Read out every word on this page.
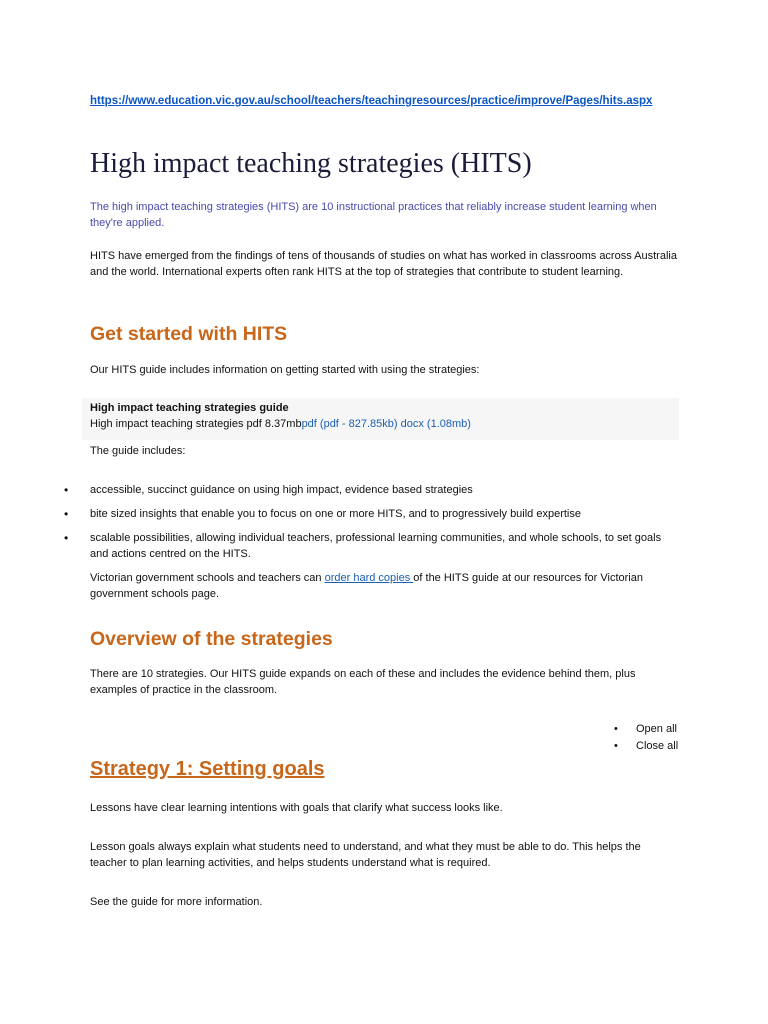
https://www.education.vic.gov.au/school/teachers/teachingresources/practice/improve/Pages/hits.aspx
High impact teaching strategies (HITS)

The high impact teaching strategies (HITS) are 10 instructional practices that reliably increase student learning when they're applied.

HITS have emerged from the findings of tens of thousands of studies on what has worked in classrooms across Australia and the world. International experts often rank HITS at the top of strategies that contribute to student learning.

Get started with HITS

Our HITS guide includes information on getting started with using the strategies:

High impact teaching strategies guide
High impact teaching strategies pdf 8.37mbpdf (pdf - 827.85kb) docx (1.08mb)

The guide includes:

• accessible, succinct guidance on using high impact, evidence based strategies
• bite sized insights that enable you to focus on one or more HITS, and to progressively build expertise
• scalable possibilities, allowing individual teachers, professional learning communities, and whole schools, to set goals and actions centred on the HITS.

Victorian government schools and teachers can order hard copies of the HITS guide at our resources for Victorian government schools page.

Overview of the strategies

There are 10 strategies. Our HITS guide expands on each of these and includes the evidence behind them, plus examples of practice in the classroom.

• Open all
• Close all
Strategy 1: Setting goals

Lessons have clear learning intentions with goals that clarify what success looks like.

Lesson goals always explain what students need to understand, and what they must be able to do. This helps the teacher to plan learning activities, and helps students understand what is required.

See the guide for more information.
